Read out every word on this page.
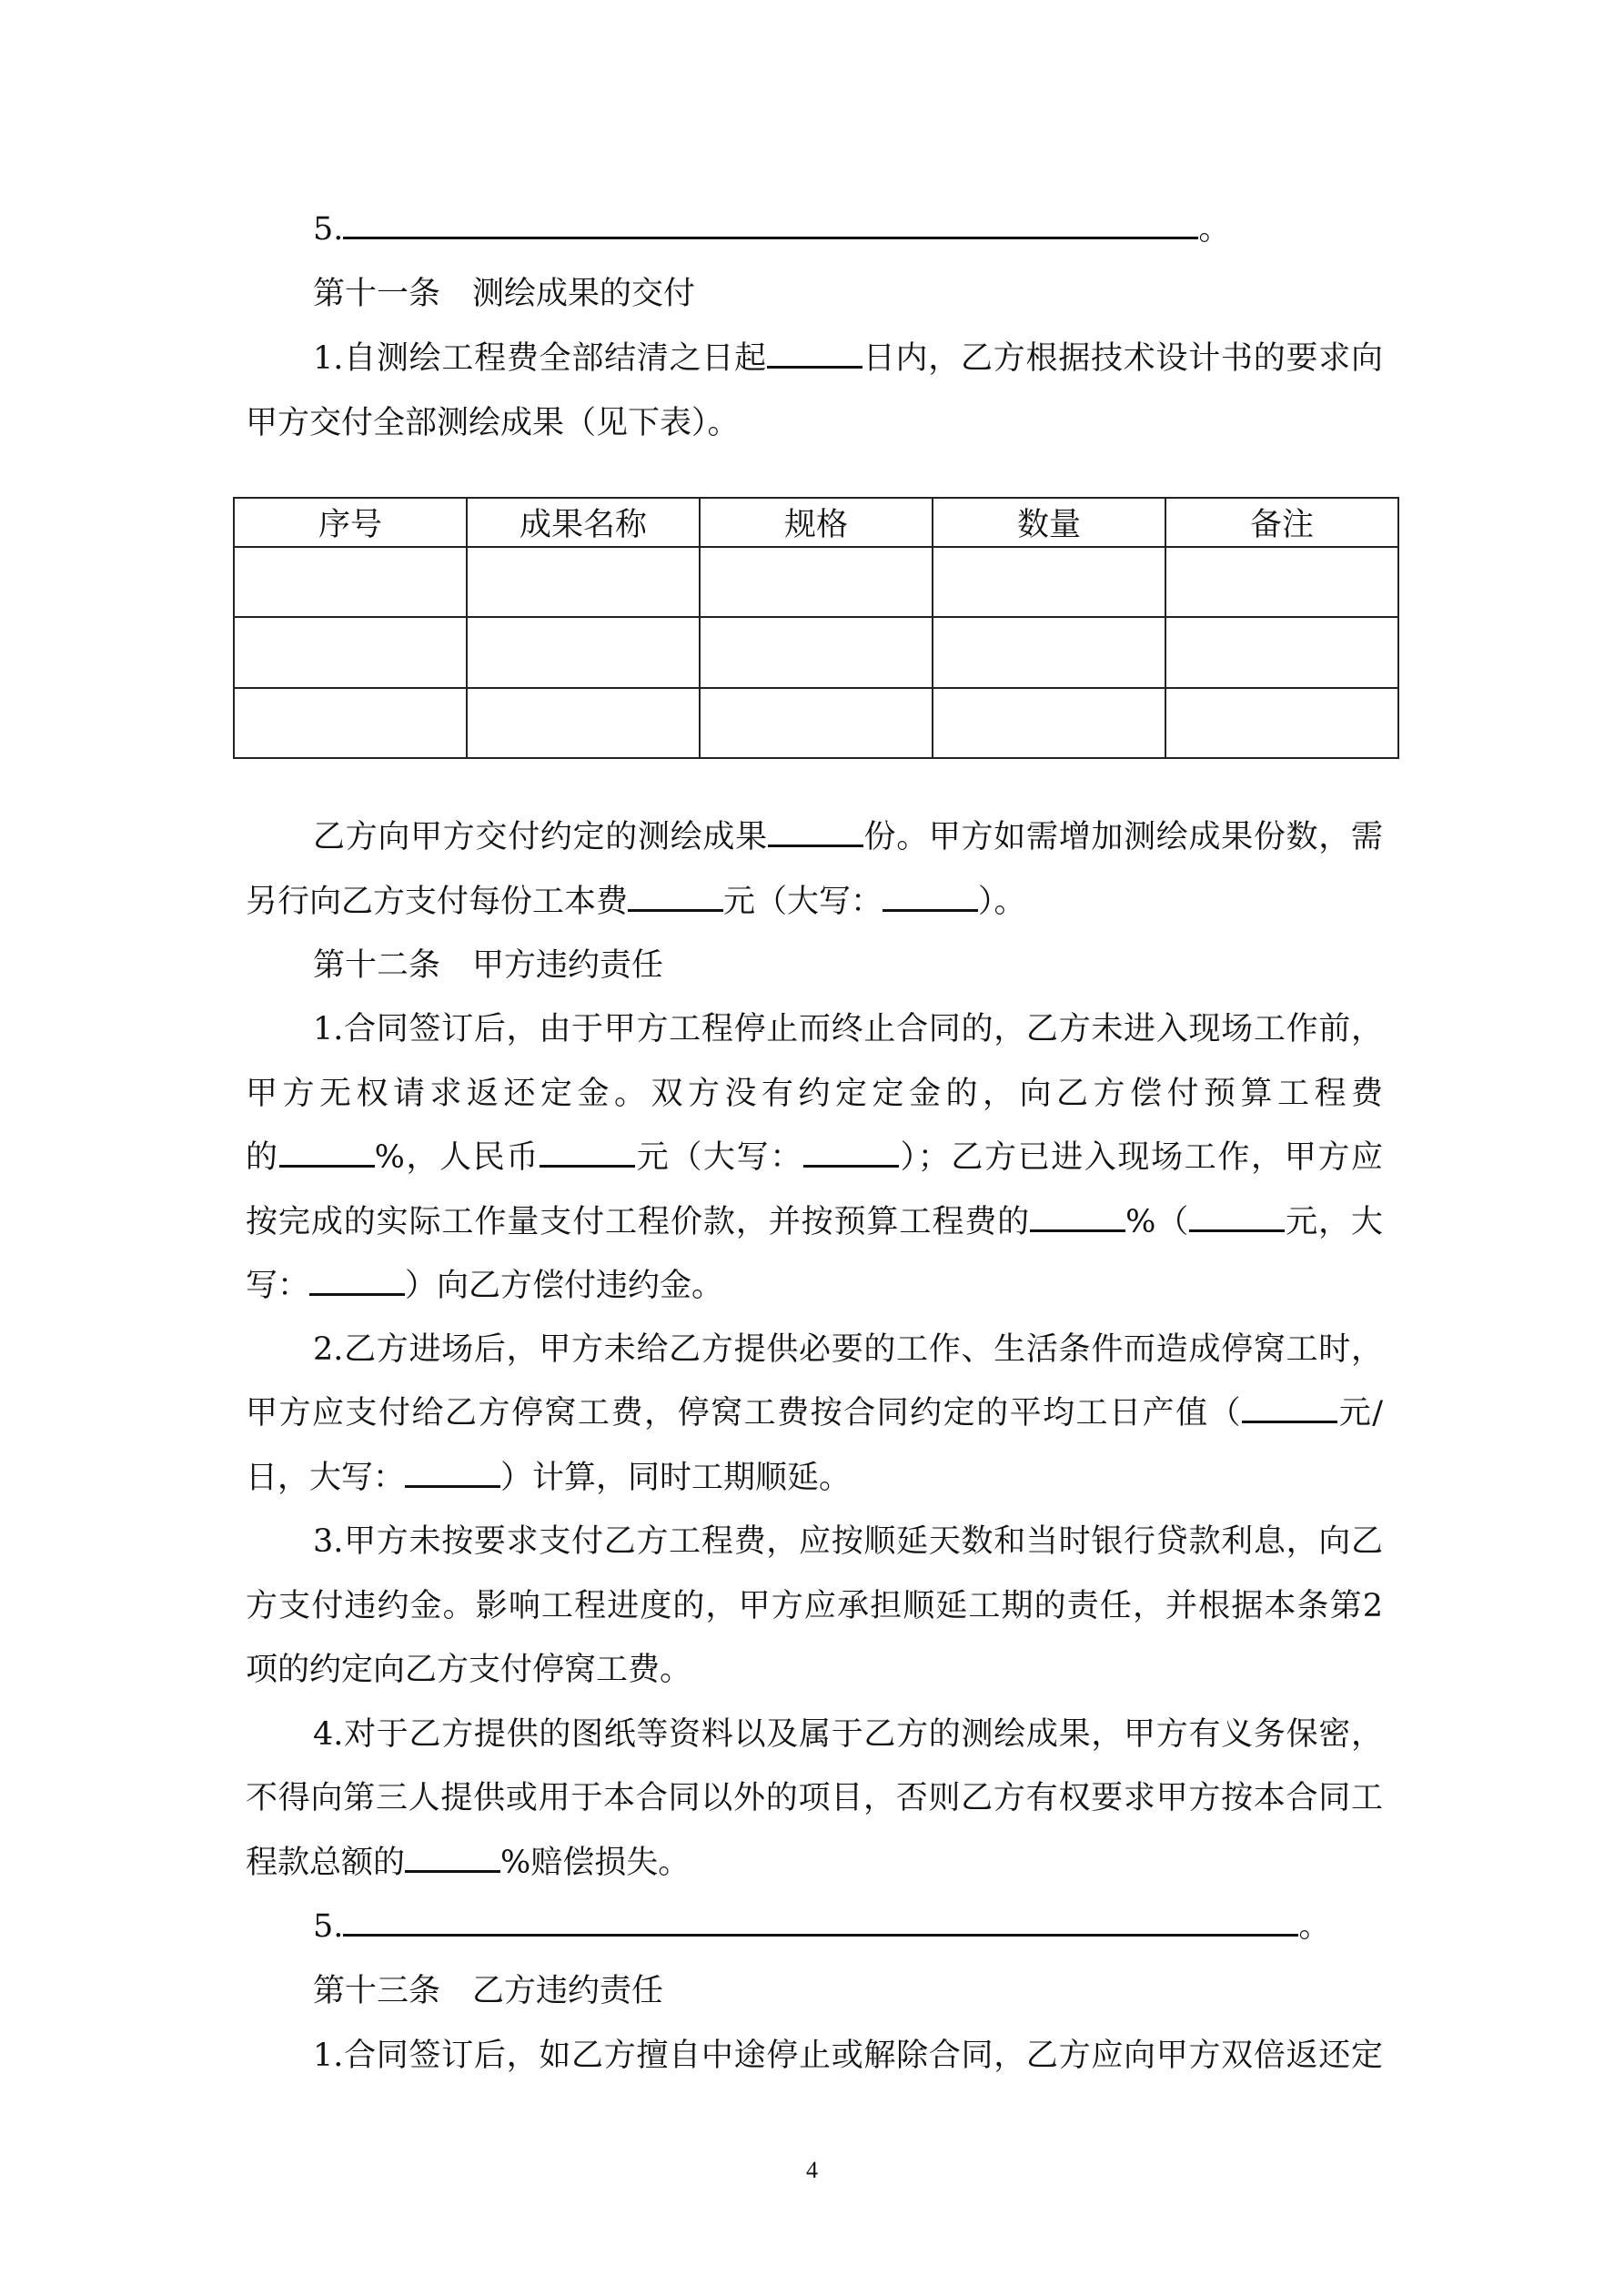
5.	。
第十一条　测绘成果的交付
1.自测绘工程费全部结清之日起	日内，乙方根据技术设计书的要求向
甲方交付全部测绘成果（见下表）。
序号	成果名称	规格	数量	备注

乙方向甲方交付约定的测绘成果	份。甲方如需增加测绘成果份数，需
另行向乙方支付每份工本费	元（大写：	）。
第十二条　甲方违约责任
1.合同签订后，由于甲方工程停止而终止合同的，乙方未进入现场工作前，
甲方无权请求返还定金。双方没有约定定金的，向乙方偿付预算工程费
的	%，人民币	元（大写：	）；乙方已进入现场工作，甲方应
按完成的实际工作量支付工程价款，并按预算工程费的	%（	元，大
写：	）向乙方偿付违约金。
2.乙方进场后，甲方未给乙方提供必要的工作、生活条件而造成停窝工时，
甲方应支付给乙方停窝工费，停窝工费按合同约定的平均工日产值（	元/
日，大写：	）计算，同时工期顺延。
3.甲方未按要求支付乙方工程费，应按顺延天数和当时银行贷款利息，向乙
方支付违约金。影响工程进度的，甲方应承担顺延工期的责任，并根据本条第2
项的约定向乙方支付停窝工费。
4.对于乙方提供的图纸等资料以及属于乙方的测绘成果，甲方有义务保密，
不得向第三人提供或用于本合同以外的项目，否则乙方有权要求甲方按本合同工
程款总额的	%赔偿损失。
5.	。
第十三条　乙方违约责任
1.合同签订后，如乙方擅自中途停止或解除合同，乙方应向甲方双倍返还定
4
